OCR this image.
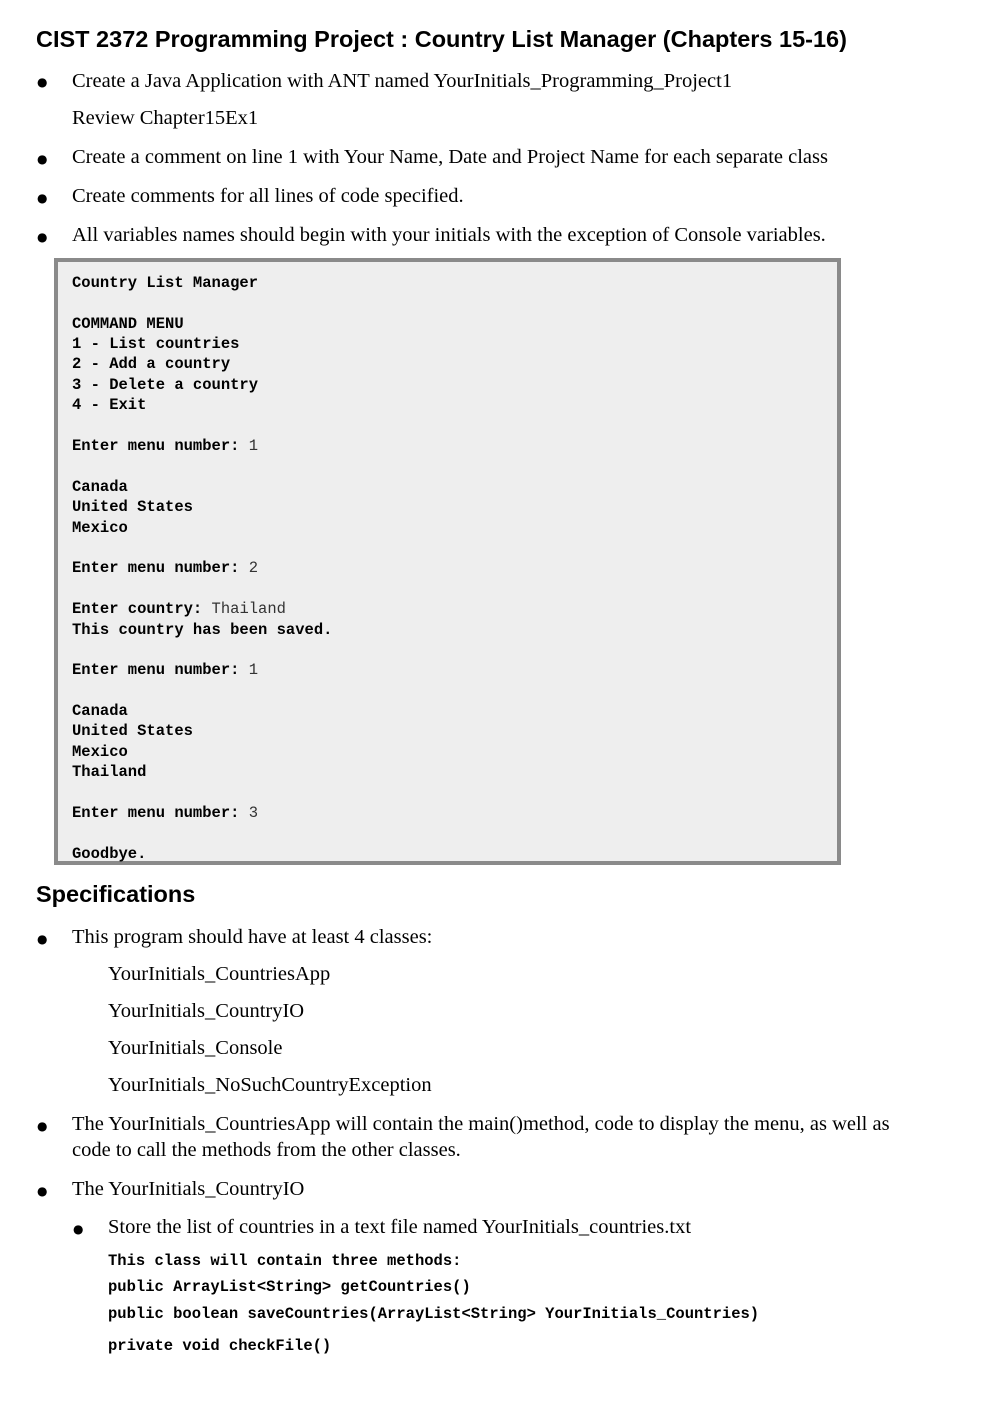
CIST 2372 Programming Project : Country List Manager (Chapters 15-16)
● Create a Java Application with ANT named YourInitials_Programming_Project1
Review Chapter15Ex1
● Create a comment on line 1 with Your Name, Date and Project Name for each separate class
● Create comments for all lines of code specified.
● All variables names should begin with your initials with the exception of Console variables.
Country List Manager
COMMAND MENU
1 - List countries
2 - Add a country
3 - Delete a country
4 - Exit
Enter menu number: 1
Canada
United States
Mexico
Enter menu number: 2
Enter country: Thailand
This country has been saved.
Enter menu number: 1
Canada
United States
Mexico
Thailand
Enter menu number: 3
Goodbye.
Specifications
● This program should have at least 4 classes:
YourInitials_CountriesApp
YourInitials_CountryIO
YourInitials_Console
YourInitials_NoSuchCountryException
● The YourInitials_CountriesApp will contain the main()method, code to display the menu, as well as
code to call the methods from the other classes.
● The YourInitials_CountryIO
● Store the list of countries in a text file named YourInitials_countries.txt
This class will contain three methods:
public ArrayList<String> getCountries()
public boolean saveCountries(ArrayList<String> YourInitials_Countries)
private void checkFile()
